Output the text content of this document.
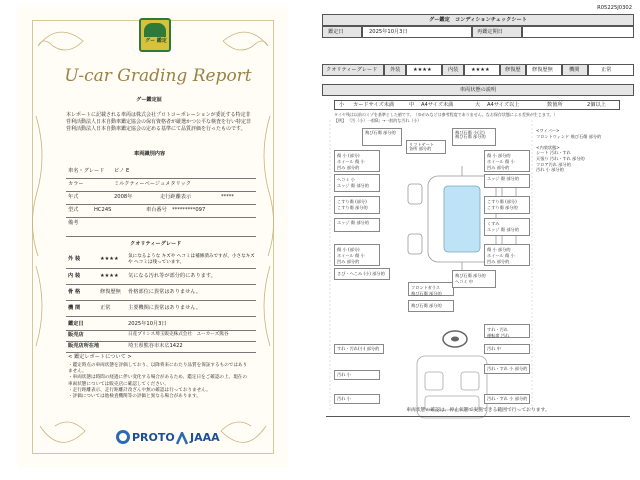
グー 鑑定
U-car Grading Report
グー鑑定証
本レポートに記載される車両は株式会社プロトコーポレーションが委託する特定非営利活動法人日本自動車鑑定協会の保有資格者が厳選かつ公平な検査を行い特定非営利活動法人日本自動車鑑定協会の定める基準にて品質評価を行ったものです。
車両識別内容
車名・グレード ピノ E
カラー	ミルクティーベージュメタリック
年式	2008年	走行距離表示	*****
型式	HC24S	車台番号 *********097
備考
クオリティーグレード
外 装	★★★★ 気になるような キズや ヘコミは補修済みですが、小さなキズや ヘコミは残っています。
内 装	★★★★ 気になる汚れ等が部分的にあります。
骨 格	修復歴無 骨格部位に異常はありません。
機 関	正常	主要機関に異常はありません。
鑑定日	2025年10月3日
販売店	日産プリンス埼玉販売株式会社　ユーカーズ熊谷
販売店所在地	埼玉県熊谷市末広1422
< 鑑定レポートについて >
・鑑定時点の車両状態を評価しており、以降将来にわたり品質を保証するものではありません。
・車両状態は時間の経過に伴い変化する場合があるため、鑑定日をご確認の上、現在の車両状態については販売店に確認してください。
・走行距離表示、走行距離計改ざんや無の確認は行っておりません。
・評価については他検査機関等の評価と異なる場合があります。
PROTO JAAA
R05225J0302
グー鑑定　コンディションチェックシート
鑑定日	2025年10月3日	再鑑定期日
クオリティーグレード 外装 ★★★★	内装 ★★★★	修復歴 修復歴無	機関	正常
車両状態の説明
小 カードサイズ未満	中 A4サイズ未満	大 A4サイズ以上	数箇所	2個以上
タイヤ残は以前のミゾを基準とした値です。（ゆがみなどは参考程度でありません。なお保存状態による差異が生じます。）
【例】 『汚（小）一般B』→一般的な汚れ（小）
飛び石傷 部分的	飛び石傷 小(全)
飛び石傷 部分的
リフトゲート
各所 部分的
傷 小 (部分)
ホイール 傷 小
凹み 部分的
傷 小 部分的
ホイール 傷 小
凹み 部分的
ヘコミ 小
エッジ 傷 部分的
エッジ 傷 部分的
こすり傷 (部分)
こすり傷 部分的
こすり傷 (部分)
こすり傷 部分的
エッジ 傷 部分的	くすみ
エッジ 傷 部分的
傷 小 (部分)
ホイール 傷 小
凹み 部分的
傷 小 部分的
ホイール 傷 小
凹み 部分的
さび・へこみ (小) 部分的
フロントガラス
飛び石傷 部分的
飛び石傷 部分的
飛び石傷 部分的
ヘコミ 中
<ワイパー>
フロントウィンド 飛び石傷 部分的

<内装状態>
シート 汚れ・すれ
天張り 汚れ・すれ 部分的
フロア汚れ 部分的
汚れ 小 部分的
すれ・汚れ
運転席 汚れ
すれ・汚れ(小) 部分的	汚れ 中
汚れ 小
汚れ・すれ 小 部分的
汚れ 小	汚れ・すれ 小 部分的
車両状態の確認は、停止状態で実施できる範囲で行っております。
